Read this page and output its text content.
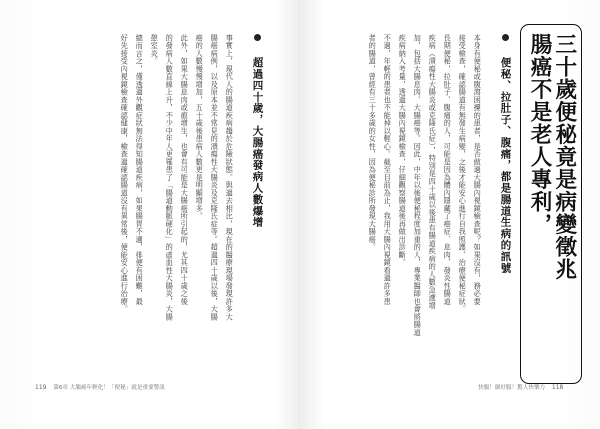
腸癌不是老人專利， 三十歲便秘竟是病變徵兆
便秘、拉肚子、腹痛，都是腸道生病的訊號
本身有便秘或腹瀉困擾的患者，是否做過大腸內視鏡檢查呢？如果沒有，務必要
接受檢查，確認腸道有無發生病變，之後才能安心進行自我照護、治療便秘症狀。
長期便秘，拉肚子、腹痛的人，可能是因為體內隱藏了癌症、息肉、發炎性腸道
疾病（潰瘍性大腸炎或克隆氏症），特別是四十歲以後患有腸道疾病的人數急遽增
加，包括大腸息肉、大腸癌等。因此，中年以後便秘程度加重的人，專業醫師也會將腸道
疾病納入考量，透過大腸內視鏡檢查，仔細觀察腸道後再做出診斷。
不過，年輕的患者也不能掉以輕心。截至目前為止，我用大腸內視鏡看過許多患
者的腸道，曾經有三十多歲的女性，因為便秘診所發現大腸癌。
快腸！細好腸！驚人快樂力 118
超過四十歲，大腸癌發病人數爆增
事實上，現代人的腸道疾病趨於危險狀態。與過去相比，現在的醫療現場發現許多大
腸癌病例，以及原本並不常見的潰瘍性大腸炎及克隆氏症等。超過四十歲以後，大腸
癌的人數慢慢增加，五十歲後患病人數更是明顯增多。
此外，如果大腸息肉或瘜增生，也會有可能是大腸癌所引起的，尤其四十歲之後
的發病人數直線上升，不少中年人更罹患了「腸道動脈硬化」的虛血性大腸炎，大腸
憩室炎。
總而言之，僅透過外觀症狀無法得知腸道疾病，如果腸胃不適，排便有困難，最
好先接受內視鏡檢查確認健康，檢查過確認腸道沒有異常後，便能安心進行治療。
119 第6章 大腸癌年輕化！「便秘」就是重要警訊
